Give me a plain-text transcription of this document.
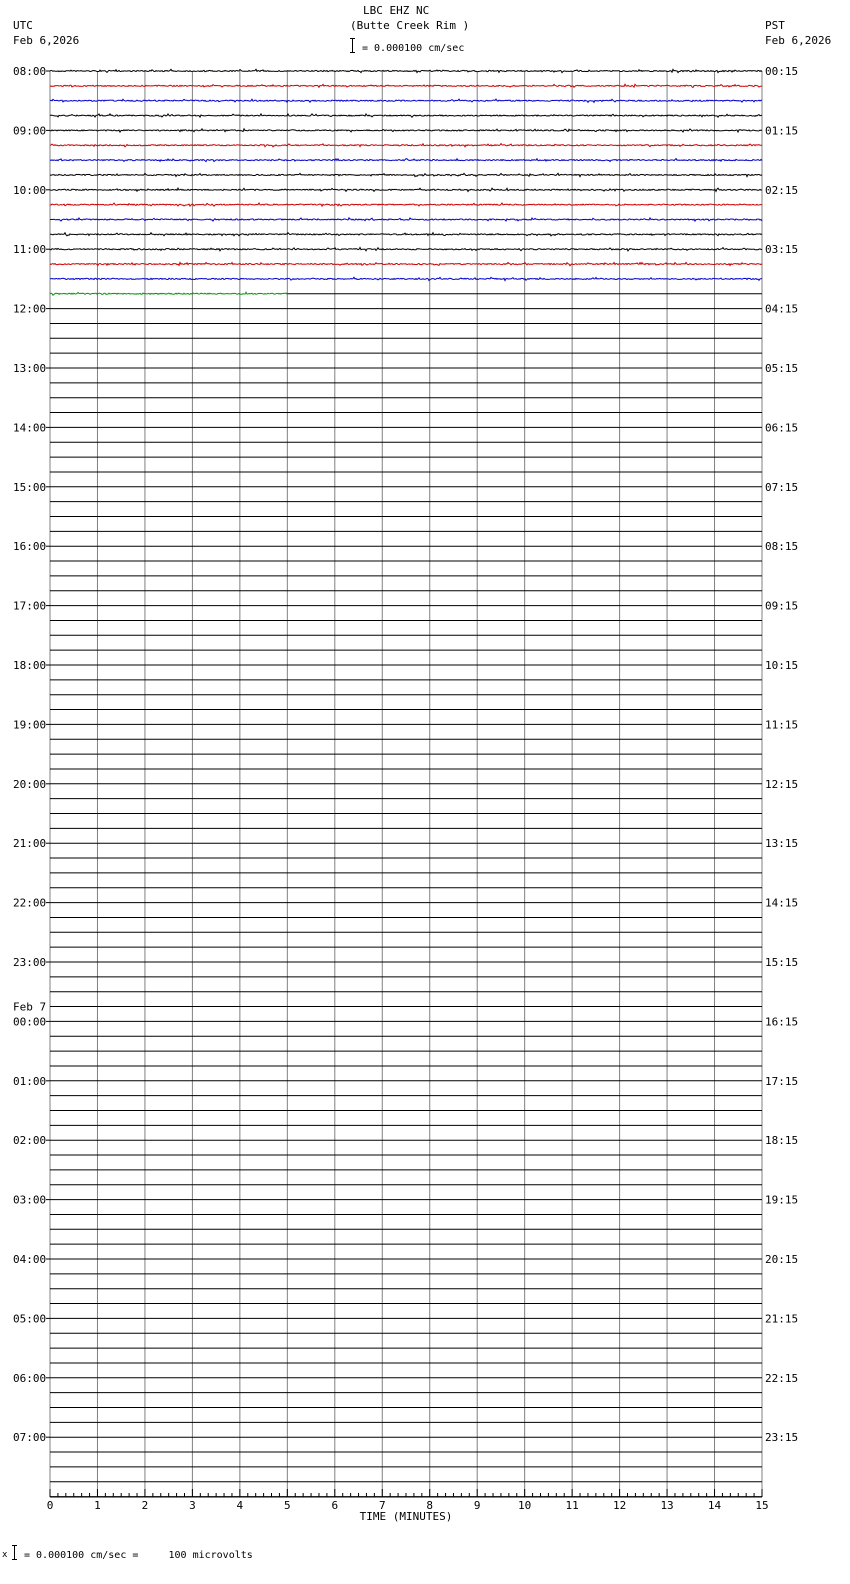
0	1	2	3	4	5	6	7	8	9	10	11	12	13	14	15
TIME (MINUTES)
08:00
09:00
10:00
11:00
12:00
13:00
14:00
15:00
16:00
17:00
18:00
19:00
20:00
21:00
22:00
23:00
00:00
01:00
02:00
03:00
04:00
05:00
06:00
07:00
00:15
01:15
02:15
03:15
04:15
05:15
06:15
07:15
08:15
09:15
10:15
11:15
12:15
13:15
14:15
15:15
16:15
17:15
18:15
19:15
20:15
21:15
22:15
23:15
Feb 7
LBC EHZ NC
(Butte Creek Rim )
= 0.000100 cm/sec
UTC
Feb 6,2026
PST
Feb 6,2026
x = 0.000100 cm/sec =     100 microvolts
